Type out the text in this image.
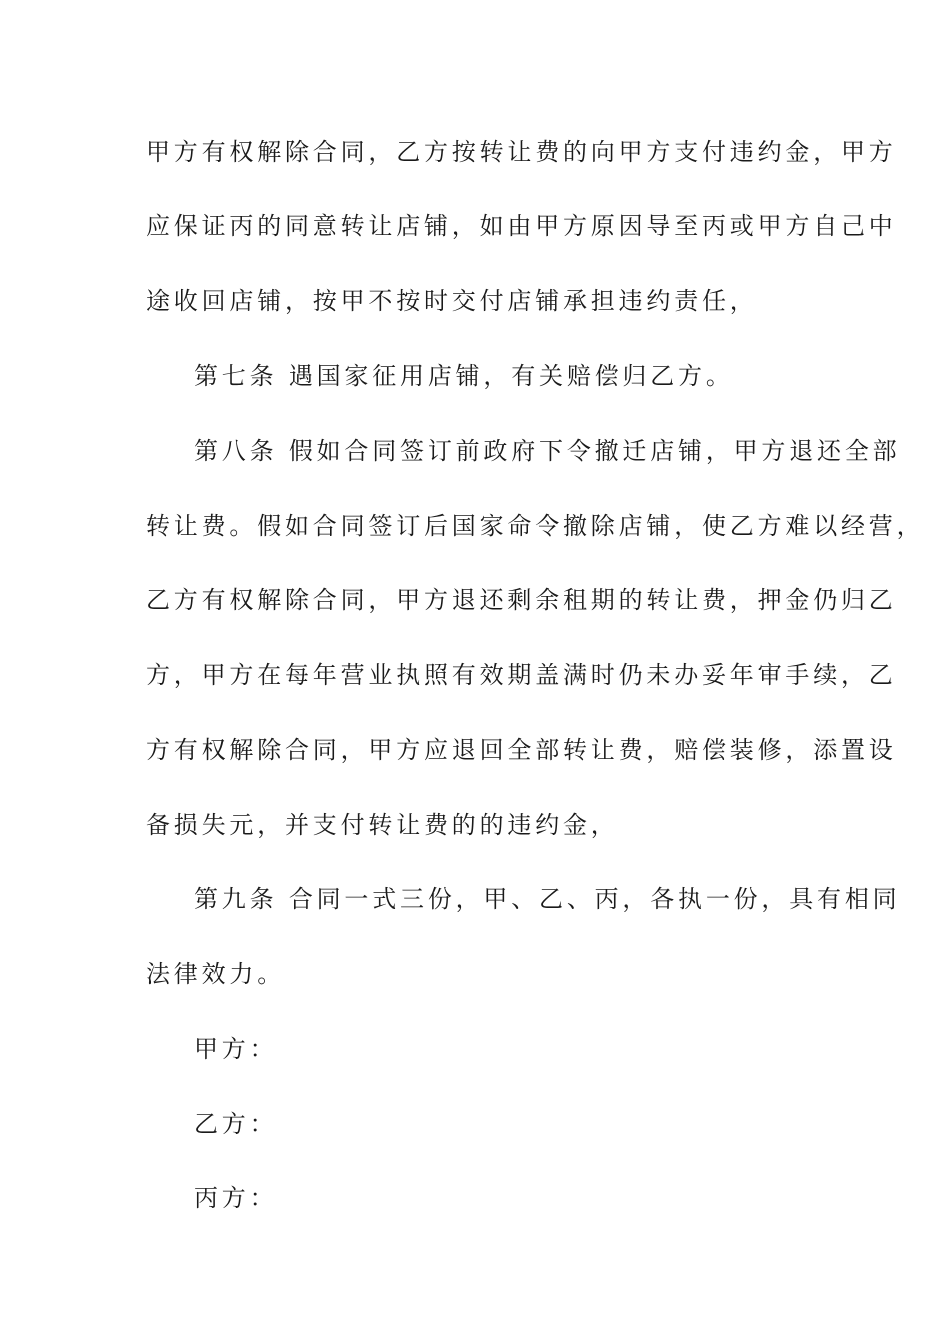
甲方有权解除合同，乙方按转让费的向甲方支付违约金，甲方
应保证丙的同意转让店铺，如由甲方原因导至丙或甲方自己中
途收回店铺，按甲不按时交付店铺承担违约责任，
第七条 遇国家征用店铺，有关赔偿归乙方。
第八条 假如合同签订前政府下令撤迁店铺，甲方退还全部
转让费。假如合同签订后国家命令撤除店铺，使乙方难以经营，
乙方有权解除合同，甲方退还剩余租期的转让费，押金仍归乙
方，甲方在每年营业执照有效期盖满时仍未办妥年审手续，乙
方有权解除合同，甲方应退回全部转让费，赔偿装修，添置设
备损失元，并支付转让费的的违约金，
第九条 合同一式三份，甲、乙、丙，各执一份，具有相同
法律效力。
甲方：
乙方：
丙方：
